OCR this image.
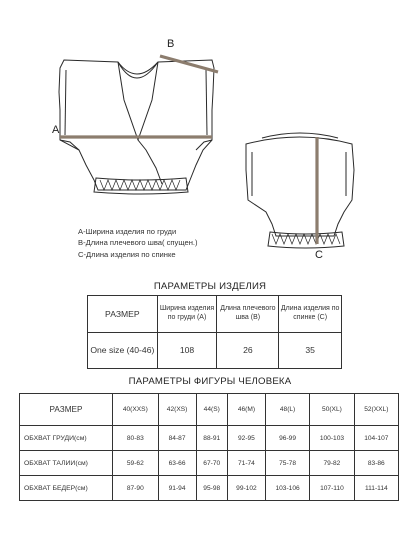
A
B
C
A-Ширина изделия по груди
B-Длина плечевого шва( спущен.)
C-Длина изделия по спинке
ПАРАМЕТРЫ ИЗДЕЛИЯ
РАЗМЕР	Ширина изделия по груди (А)	Длина плечевого шва (В)	Длина изделия по спинке (С)
One size (40-46)	108	26	35
ПАРАМЕТРЫ ФИГУРЫ ЧЕЛОВЕКА
РАЗМЕР	40(XXS)	42(XS)	44(S)	46(M)	48(L)	50(XL)	52(XXL)
ОБХВАТ ГРУДИ(см)	80-83	84-87	88-91	92-95	96-99	100-103	104-107
ОБХВАТ ТАЛИИ(см)	59-62	63-66	67-70	71-74	75-78	79-82	83-86
ОБХВАТ БЕДЕР(см)	87-90	91-94	95-98	99-102	103-106	107-110	111-114
